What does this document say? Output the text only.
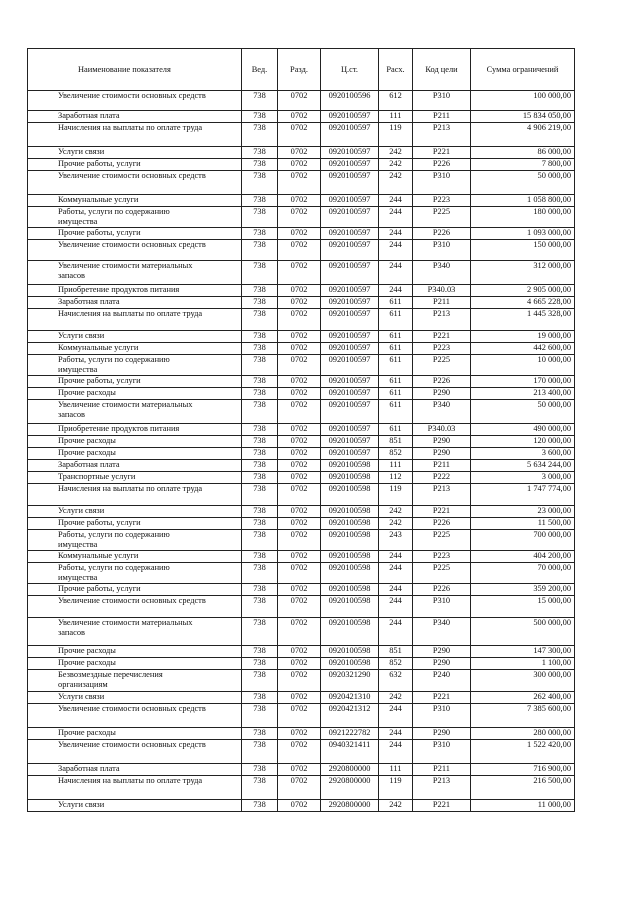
Наименование показателя	Вед.	Разд.	Ц.ст.	Расх.	Код цели	Сумма ограничений
Увеличение стоимости основных средств	738	0702	0920100596	612	Р310	100 000,00
Заработная плата	738	0702	0920100597	111	Р211	15 834 050,00
Начисления на выплаты по оплате труда	738	0702	0920100597	119	Р213	4 906 219,00
Услуги связи	738	0702	0920100597	242	Р221	86 000,00
Прочие работы, услуги	738	0702	0920100597	242	Р226	7 800,00
Увеличение стоимости основных средств	738	0702	0920100597	242	Р310	50 000,00
Коммунальные услуги	738	0702	0920100597	244	Р223	1 058 800,00
Работы, услуги по содержанию
имущества	738	0702	0920100597	244	Р225	180 000,00
Прочие работы, услуги	738	0702	0920100597	244	Р226	1 093 000,00
Увеличение стоимости основных средств	738	0702	0920100597	244	Р310	150 000,00
Увеличение стоимости материальных
запасов	738	0702	0920100597	244	Р340	312 000,00
Приобретение продуктов питания	738	0702	0920100597	244	Р340.03	2 905 000,00
Заработная плата	738	0702	0920100597	611	Р211	4 665 228,00
Начисления на выплаты по оплате труда	738	0702	0920100597	611	Р213	1 445 328,00
Услуги связи	738	0702	0920100597	611	Р221	19 000,00
Коммунальные услуги	738	0702	0920100597	611	Р223	442 600,00
Работы, услуги по содержанию
имущества	738	0702	0920100597	611	Р225	10 000,00
Прочие работы, услуги	738	0702	0920100597	611	Р226	170 000,00
Прочие расходы	738	0702	0920100597	611	Р290	213 400,00
Увеличение стоимости материальных
запасов	738	0702	0920100597	611	Р340	50 000,00
Приобретение продуктов питания	738	0702	0920100597	611	Р340.03	490 000,00
Прочие расходы	738	0702	0920100597	851	Р290	120 000,00
Прочие расходы	738	0702	0920100597	852	Р290	3 600,00
Заработная плата	738	0702	0920100598	111	Р211	5 634 244,00
Транспортные услуги	738	0702	0920100598	112	Р222	3 000,00
Начисления на выплаты по оплате труда	738	0702	0920100598	119	Р213	1 747 774,00
Услуги связи	738	0702	0920100598	242	Р221	23 000,00
Прочие работы, услуги	738	0702	0920100598	242	Р226	11 500,00
Работы, услуги по содержанию
имущества	738	0702	0920100598	243	Р225	700 000,00
Коммунальные услуги	738	0702	0920100598	244	Р223	404 200,00
Работы, услуги по содержанию
имущества	738	0702	0920100598	244	Р225	70 000,00
Прочие работы, услуги	738	0702	0920100598	244	Р226	359 200,00
Увеличение стоимости основных средств	738	0702	0920100598	244	Р310	15 000,00
Увеличение стоимости материальных
запасов	738	0702	0920100598	244	Р340	500 000,00
Прочие расходы	738	0702	0920100598	851	Р290	147 300,00
Прочие расходы	738	0702	0920100598	852	Р290	1 100,00
Безвозмездные перечисления
организациям	738	0702	0920321290	632	Р240	300 000,00
Услуги связи	738	0702	0920421310	242	Р221	262 400,00
Увеличение стоимости основных средств	738	0702	0920421312	244	Р310	7 385 600,00
Прочие расходы	738	0702	0921222782	244	Р290	280 000,00
Увеличение стоимости основных средств	738	0702	0940321411	244	Р310	1 522 420,00
Заработная плата	738	0702	2920800000	111	Р211	716 900,00
Начисления на выплаты по оплате труда	738	0702	2920800000	119	Р213	216 500,00
Услуги связи	738	0702	2920800000	242	Р221	11 000,00
